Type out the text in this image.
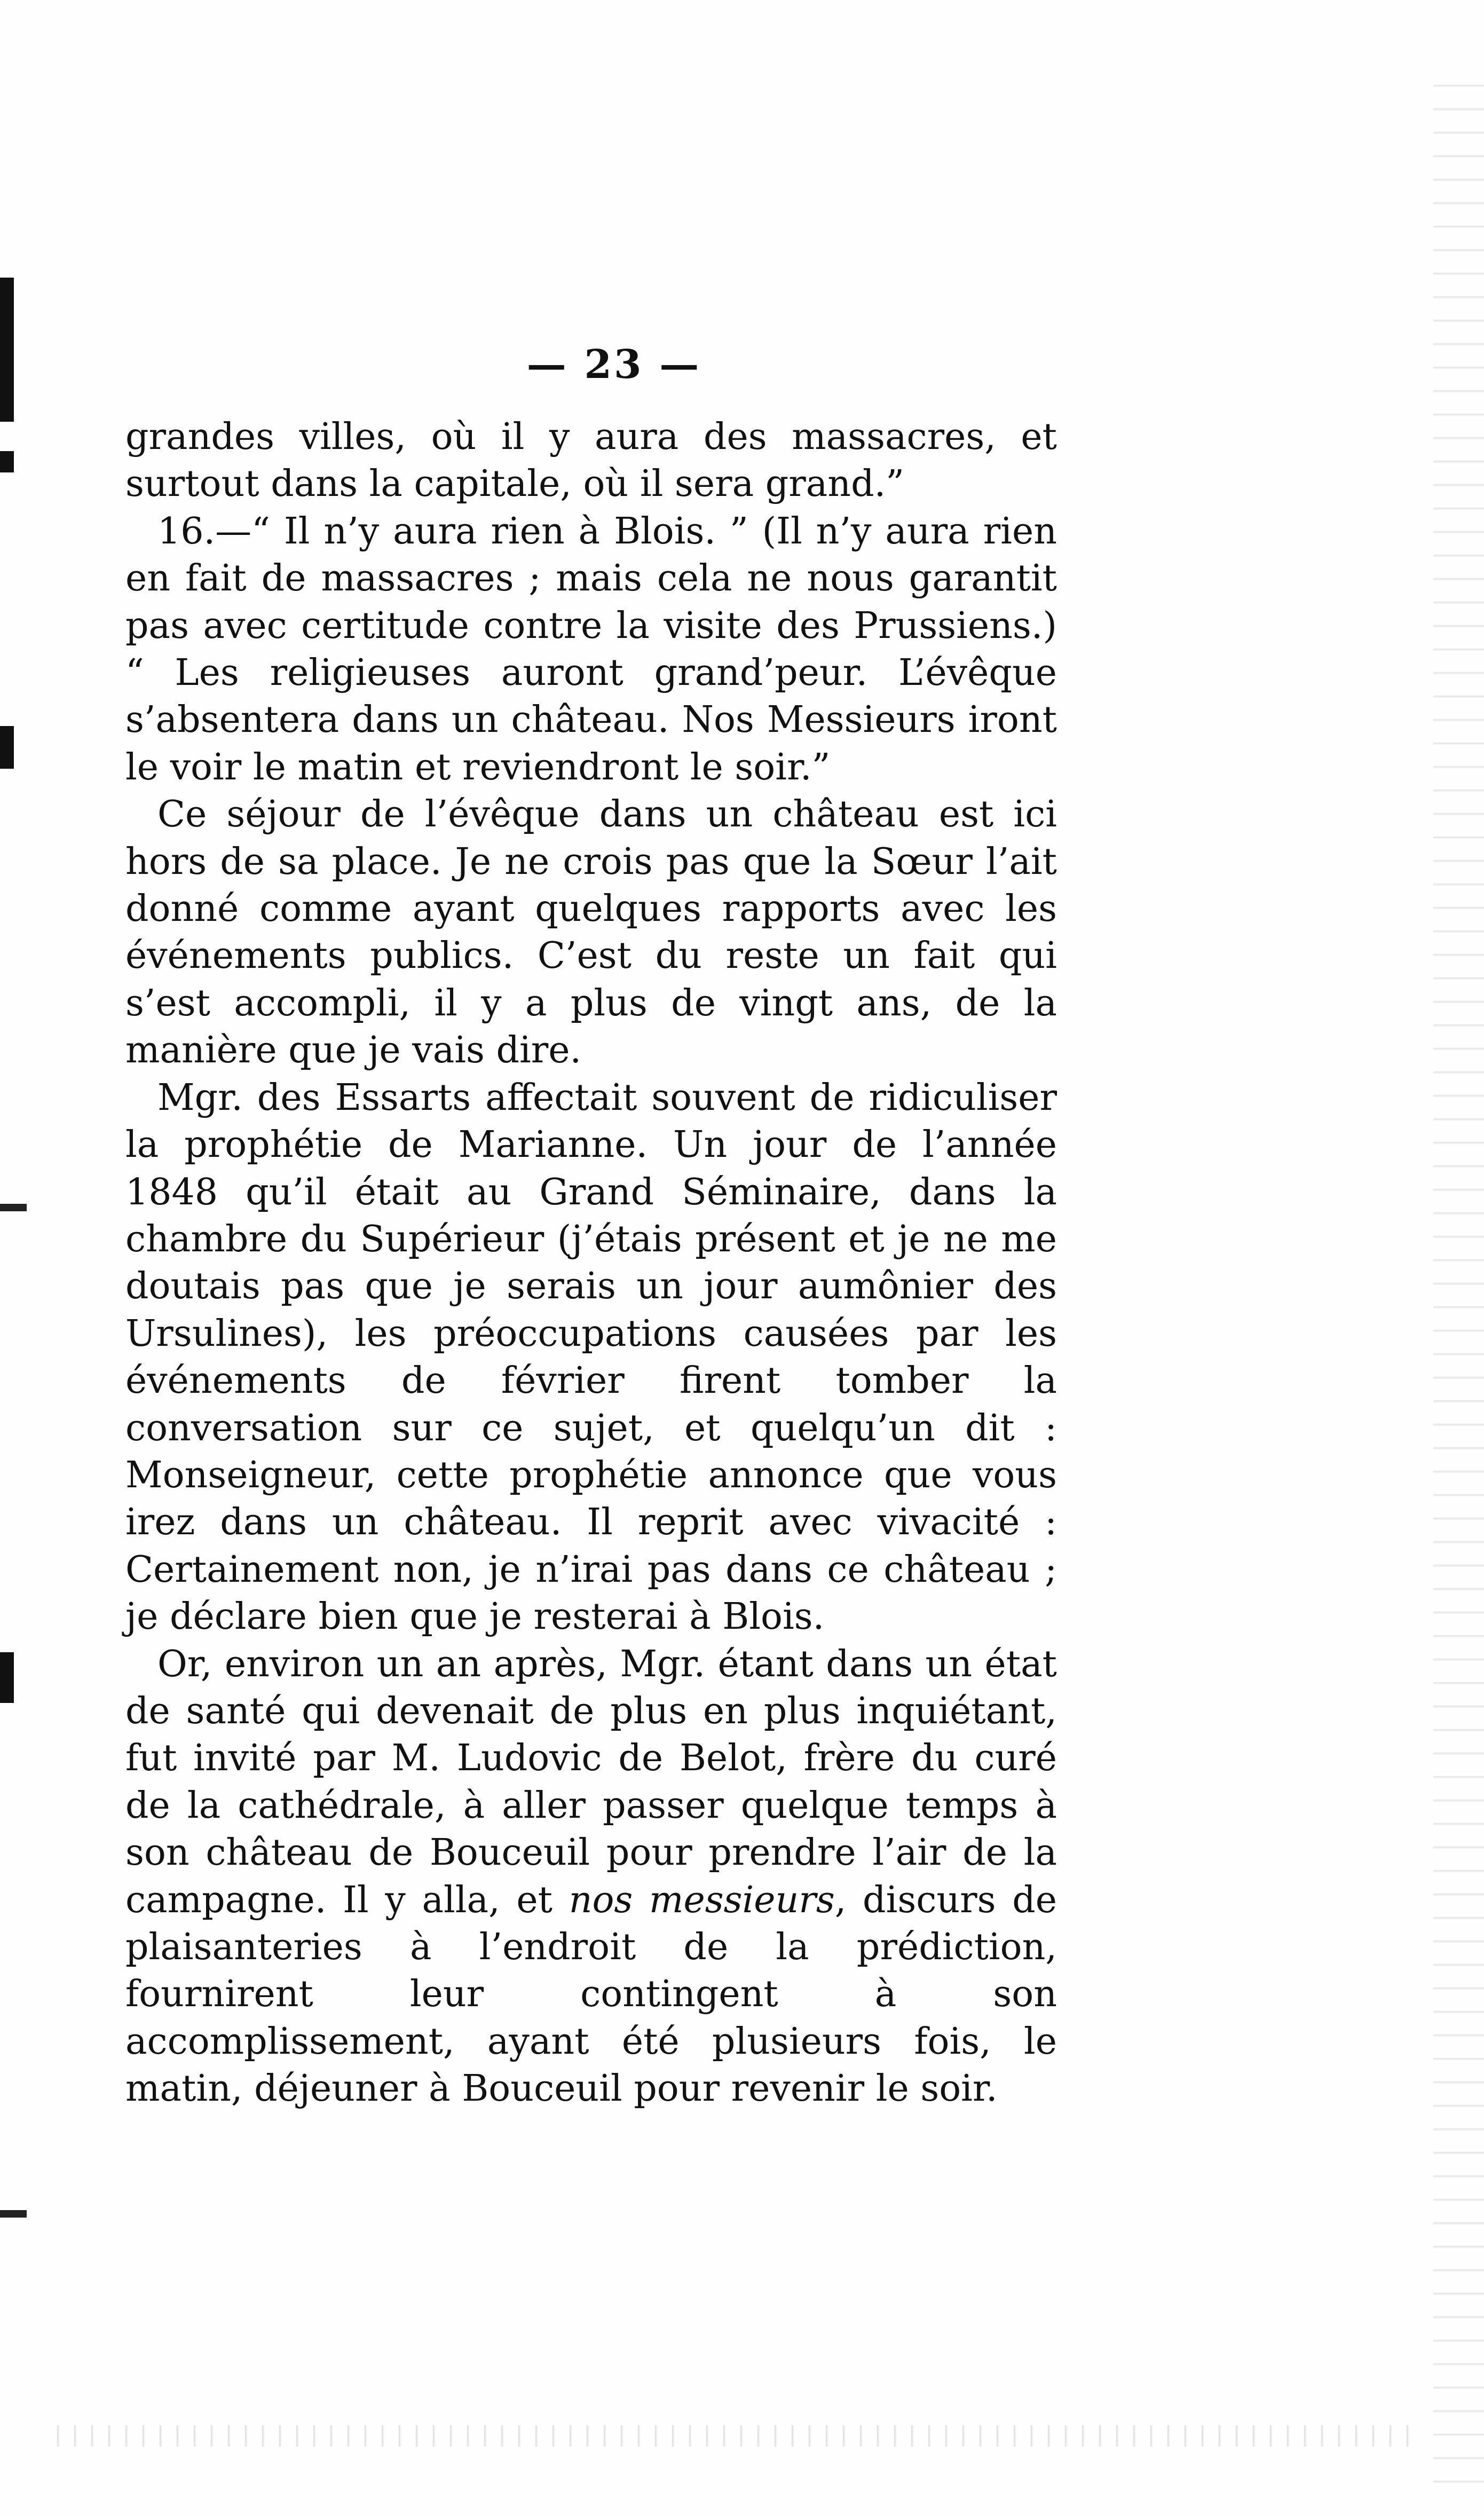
— 23 —

grandes villes, où il y aura des massacres, et surtout dans la capitale, où il sera grand.”

16.—“ Il n’y aura rien à Blois. ” (Il n’y aura rien en fait de massacres ; mais cela ne nous garantit pas avec certitude contre la visite des Prussiens.) “ Les religieuses auront grand’peur. L’évêque s’absentera dans un château. Nos Messieurs iront le voir le matin et reviendront le soir.”

Ce séjour de l’évêque dans un château est ici hors de sa place. Je ne crois pas que la Sœur l’ait donné comme ayant quelques rapports avec les événements publics. C’est du reste un fait qui s’est accompli, il y a plus de vingt ans, de la manière que je vais dire.

Mgr. des Essarts affectait souvent de ridiculiser la prophétie de Marianne. Un jour de l’année 1848 qu’il était au Grand Séminaire, dans la chambre du Supérieur (j’étais présent et je ne me doutais pas que je serais un jour aumônier des Ursulines), les préoccupations causées par les événements de février firent tomber la conversation sur ce sujet, et quelqu’un dit : Monseigneur, cette prophétie annonce que vous irez dans un château. Il reprit avec vivacité : Certainement non, je n’irai pas dans ce château ; je déclare bien que je resterai à Blois.

Or, environ un an après, Mgr. étant dans un état de santé qui devenait de plus en plus inquiétant, fut invité par M. Ludovic de Belot, frère du curé de la cathédrale, à aller passer quelque temps à son château de Bouceuil pour prendre l’air de la campagne. Il y alla, et nos messieurs, discurs de plaisanteries à l’endroit de la prédiction, fournirent leur contingent à son accomplissement, ayant été plusieurs fois, le matin, déjeuner à Bouceuil pour revenir le soir.
